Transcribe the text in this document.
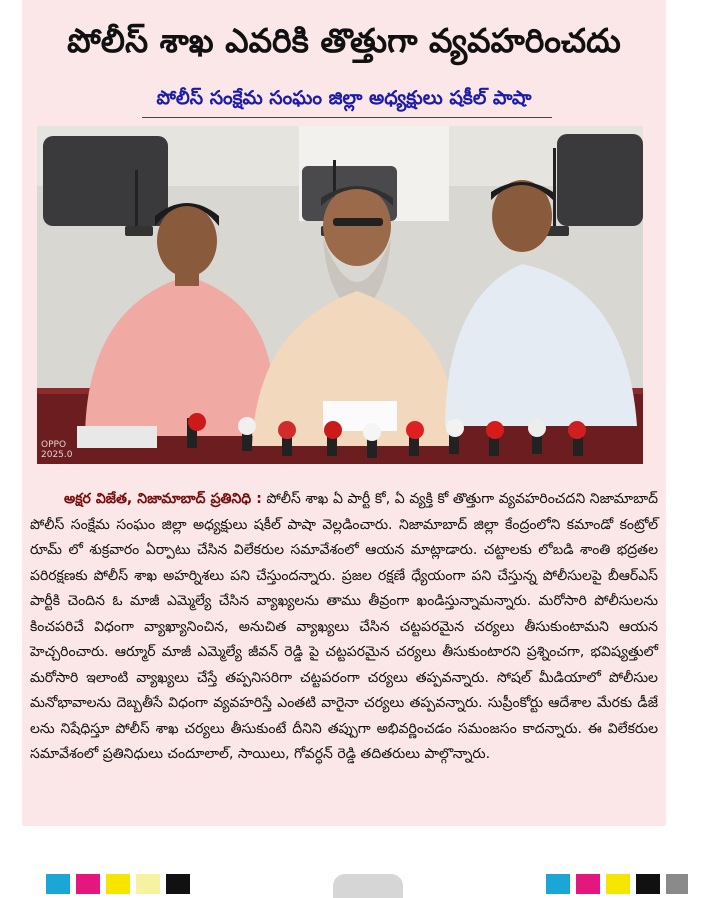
పోలీస్ శాఖ ఎవరికి తొత్తుగా వ్యవహరించదు
పోలీస్ సంక్షేమ సంఘం జిల్లా అధ్యక్షులు షకీల్ పాషా
OPPO
2025.0
అక్షర విజేత, నిజామాబాద్ ప్రతినిధి : పోలీస్ శాఖ ఏ పార్టీ కో, ఏ వ్యక్తి కో తొత్తుగా వ్యవహరించదని నిజామాబాద్ పోలీస్ సంక్షేమ సంఘం జిల్లా అధ్యక్షులు షకీల్ పాషా వెల్లడించారు. నిజామాబాద్ జిల్లా కేంద్రంలోని కమాండో కంట్రోల్ రూమ్ లో శుక్రవారం ఏర్పాటు చేసిన విలేకరుల సమావేశంలో ఆయన మాట్లాడారు. చట్టాలకు లోబడి శాంతి భద్రతల పరిరక్షణకు పోలీస్ శాఖ అహర్నిశలు పని చేస్తుందన్నారు. ప్రజల రక్షణే ధ్యేయంగా పని చేస్తున్న పోలీసులపై బీఆర్ఎస్ పార్టీకి చెందిన ఓ మాజీ ఎమ్మెల్యే చేసిన వ్యాఖ్యలను తాము తీవ్రంగా ఖండిస్తున్నామన్నారు. మరోసారి పోలీసులను కించపరిచే విధంగా వ్యాఖ్యానించిన, అనుచిత వ్యాఖ్యలు చేసిన చట్టపరమైన చర్యలు తీసుకుంటామని ఆయన హెచ్చరించారు. ఆర్మూర్ మాజీ ఎమ్మెల్యే జీవన్ రెడ్డి పై చట్టపరమైన చర్యలు తీసుకుంటారని ప్రశ్నించగా, భవిష్యత్తులో మరోసారి ఇలాంటి వ్యాఖ్యలు చేస్తే తప్పనిసరిగా చట్టపరంగా చర్యలు తప్పవన్నారు. సోషల్ మీడియాలో పోలీసుల మనోభావాలను దెబ్బతీసే విధంగా వ్యవహరిస్తే ఎంతటి వారైనా చర్యలు తప్పవన్నారు. సుప్రీంకోర్టు ఆదేశాల మేరకు డీజే లను నిషేధిస్తూ పోలీస్ శాఖ చర్యలు తీసుకుంటే దీనిని తప్పుగా అభివర్ణించడం సమంజసం కాదన్నారు. ఈ విలేకరుల సమావేశంలో ప్రతినిధులు చందూలాల్, సాయిలు, గోవర్ధన్ రెడ్డి తదితరులు పాల్గొన్నారు.
